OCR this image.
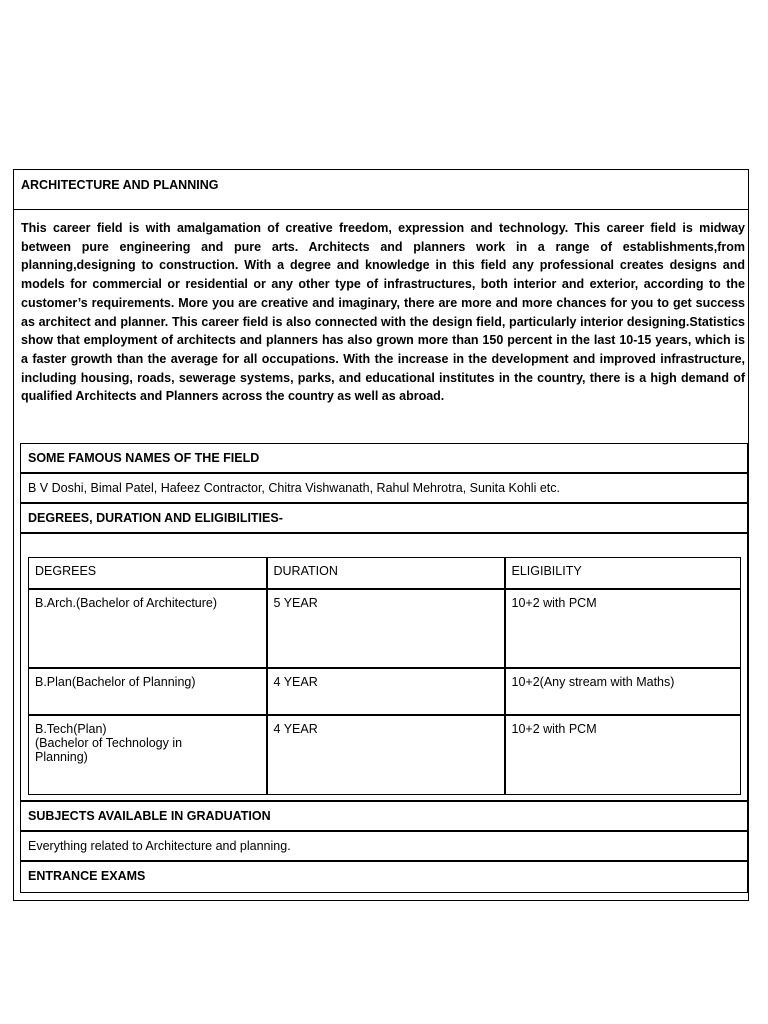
ARCHITECTURE AND PLANNING
This career field is with amalgamation of creative freedom, expression and technology. This career field is midway between pure engineering and pure arts. Architects and planners work in a range of establishments,from planning,designing to construction. With a degree and knowledge in this field any professional creates designs and models for commercial or residential or any other type of infrastructures, both interior and exterior, according to the customer’s requirements. More you are creative and imaginary, there are more and more chances for you to get success as architect and planner. This career field is also connected with the design field, particularly interior designing.Statistics show that employment of architects and planners has also grown more than 150 percent in the last 10-15 years, which is a faster growth than the average for all occupations. With the increase in the development and improved infrastructure, including housing, roads, sewerage systems, parks, and educational institutes in the country, there is a high demand of qualified Architects and Planners across the country as well as abroad.
SOME FAMOUS NAMES OF THE FIELD
B V Doshi, Bimal Patel, Hafeez Contractor, Chitra Vishwanath, Rahul Mehrotra, Sunita Kohli etc.
DEGREES, DURATION AND ELIGIBILITIES-
DEGREES	DURATION	ELIGIBILITY

B.Arch.(Bachelor of Architecture)	5 YEAR	10+2 with PCM

B.Plan(Bachelor of Planning)	4 YEAR	10+2(Any stream with Maths)

B.Tech(Plan)
(Bachelor of Technology in
Planning)	4 YEAR	10+2 with PCM
SUBJECTS AVAILABLE IN GRADUATION
Everything related to Architecture and planning.
ENTRANCE EXAMS
